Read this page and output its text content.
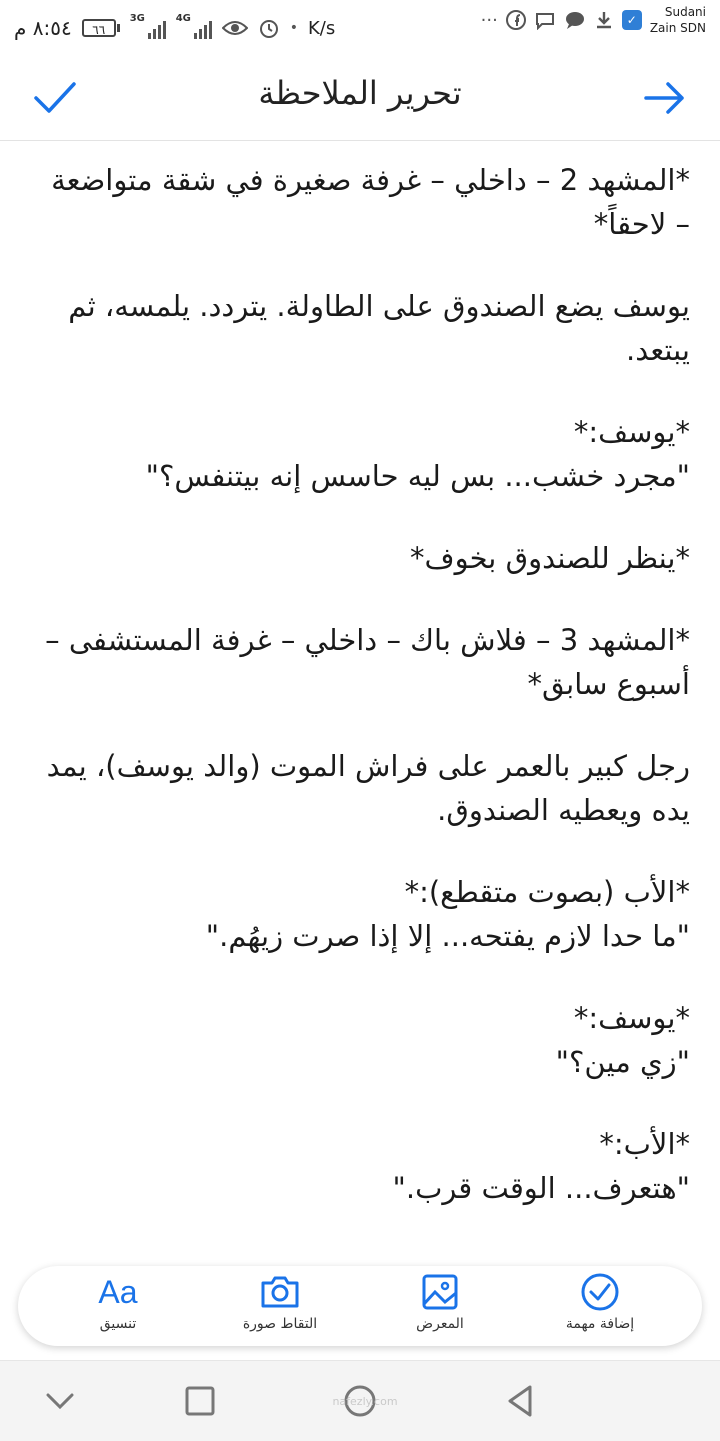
٨:٥٤ م	٦٦
3G	4G
• K/s	···	✓
Sudani
Zain SDN
تحرير الملاحظة

*المشهد 2 – داخلي – غرفة صغيرة في شقة متواضعة – لاحقاً*

يوسف يضع الصندوق على الطاولة. يتردد. يلمسه، ثم يبتعد.

*يوسف:*
"مجرد خشب... بس ليه حاسس إنه بيتنفس؟"

*ينظر للصندوق بخوف*

*المشهد 3 – فلاش باك – داخلي – غرفة المستشفى – أسبوع سابق*

رجل كبير بالعمر على فراش الموت (والد يوسف)، يمد يده ويعطيه الصندوق.

*الأب (بصوت متقطع):*
"ما حدا لازم يفتحه... إلا إذا صرت زيهُم."

*يوسف:*
"زي مين؟"

*الأب:*
"هتعرف... الوقت قرب."

Aa
تنسيق	التقاط صورة	المعرض	إضافة مهمة
nafezly.com
